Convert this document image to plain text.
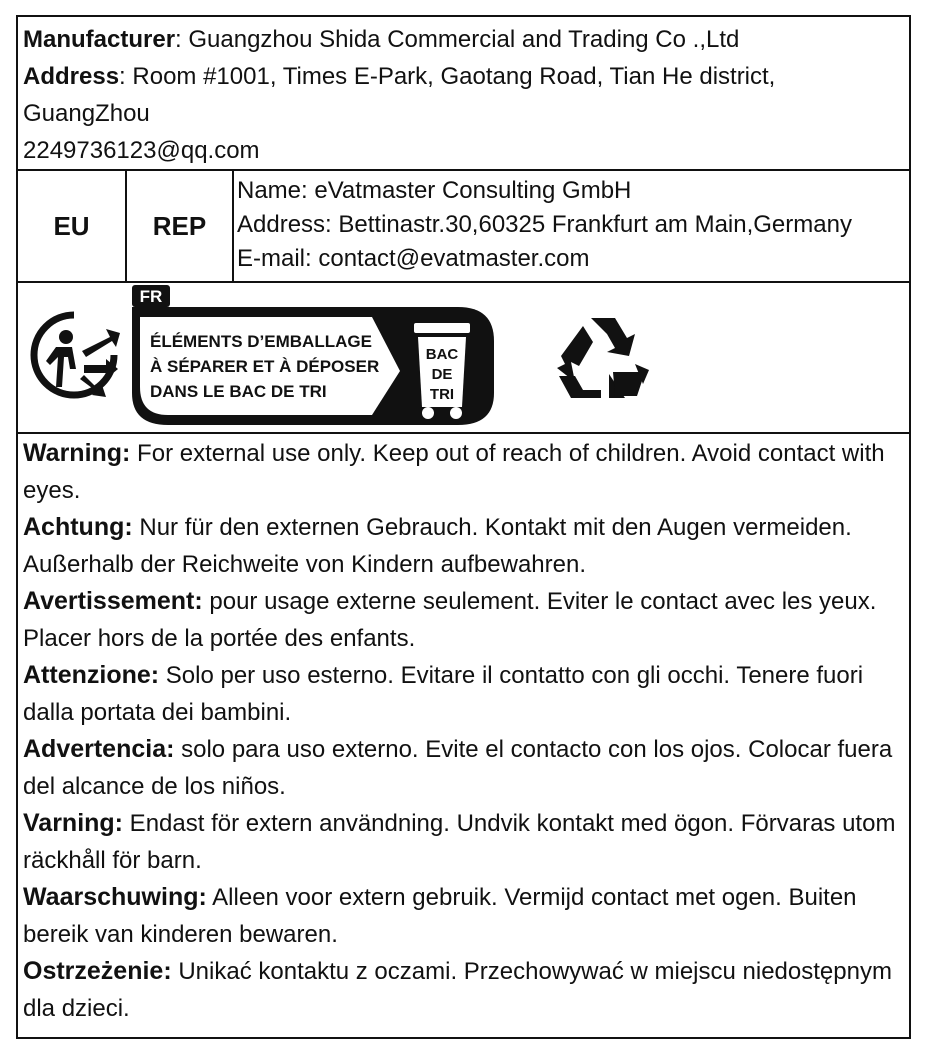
Manufacturer: Guangzhou Shida Commercial and Trading Co .,Ltd

Address: Room #1001, Times E-Park, Gaotang Road, Tian He district, GuangZhou

2249736123@qq.com

EU	REP

Name: eVatmaster Consulting GmbH

Address: Bettinastr.30,60325 Frankfurt am Main,Germany

E-mail: contact@evatmaster.com

FR
ÉLÉMENTS D’EMBALLAGE
À SÉPARER ET À DÉPOSER
DANS LE BAC DE TRI
BAC
DE
TRI

Warning: For external use only. Keep out of reach of children. Avoid contact with eyes.

Achtung: Nur für den externen Gebrauch. Kontakt mit den Augen vermeiden. Außerhalb der Reichweite von Kindern aufbewahren.

Avertissement: pour usage externe seulement. Eviter le contact avec les yeux. Placer hors de la portée des enfants.

Attenzione: Solo per uso esterno. Evitare il contatto con gli occhi. Tenere fuori dalla portata dei bambini.

Advertencia: solo para uso externo. Evite el contacto con los ojos. Colocar fuera del alcance de los niños.

Varning: Endast för extern användning. Undvik kontakt med ögon. Förvaras utom räckhåll för barn.

Waarschuwing: Alleen voor extern gebruik. Vermijd contact met ogen. Buiten bereik van kinderen bewaren.

Ostrzeżenie: Unikać kontaktu z oczami. Przechowywać w miejscu niedostępnym dla dzieci.
